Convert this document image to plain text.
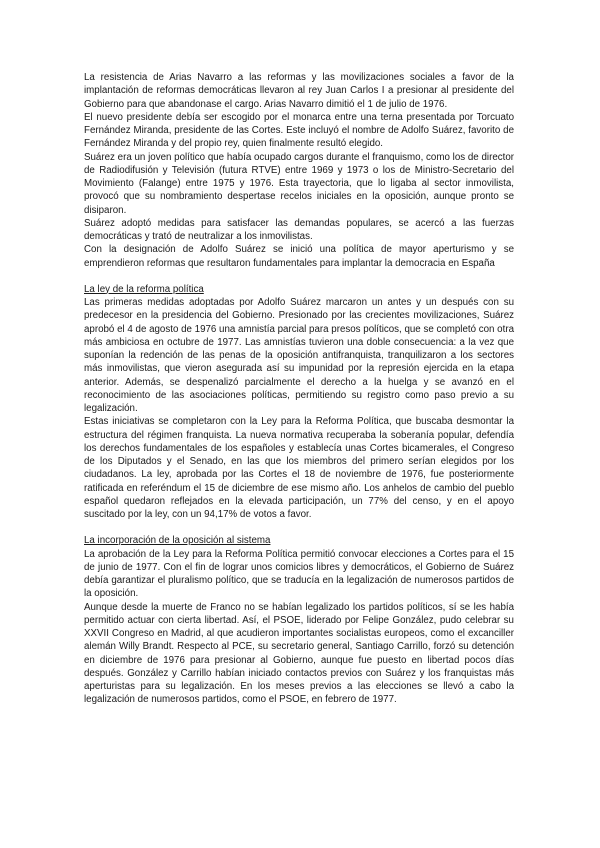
La resistencia de Arias Navarro a las reformas y las movilizaciones sociales a favor de la implantación de reformas democráticas llevaron al rey Juan Carlos I a presionar al presidente del Gobierno para que abandonase el cargo. Arias Navarro dimitió el 1 de julio de 1976.

El nuevo presidente debía ser escogido por el monarca entre una terna presentada por Torcuato Fernández Miranda, presidente de las Cortes. Este incluyó el nombre de Adolfo Suárez, favorito de Fernández Miranda y del propio rey, quien finalmente resultó elegido.

Suárez era un joven político que había ocupado cargos durante el franquismo, como los de director de Radiodifusión y Televisión (futura RTVE) entre 1969 y 1973 o los de Ministro-Secretario del Movimiento (Falange) entre 1975 y 1976. Esta trayectoria, que lo ligaba al sector inmovilista, provocó que su nombramiento despertase recelos iniciales en la oposición, aunque pronto se disiparon.

Suárez adoptó medidas para satisfacer las demandas populares, se acercó a las fuerzas democráticas y trató de neutralizar a los inmovilistas.

Con la designación de Adolfo Suárez se inició una política de mayor aperturismo y se emprendieron reformas que resultaron fundamentales para implantar la democracia en España

La ley de la reforma política

Las primeras medidas adoptadas por Adolfo Suárez marcaron un antes y un después con su predecesor en la presidencia del Gobierno. Presionado por las crecientes movilizaciones, Suárez aprobó el 4 de agosto de 1976 una amnistía parcial para presos políticos, que se completó con otra más ambiciosa en octubre de 1977. Las amnistías tuvieron una doble consecuencia: a la vez que suponían la redención de las penas de la oposición antifranquista, tranquilizaron a los sectores más inmovilistas, que vieron asegurada así su impunidad por la represión ejercida en la etapa anterior. Además, se despenalizó parcialmente el derecho a la huelga y se avanzó en el reconocimiento de las asociaciones políticas, permitiendo su registro como paso previo a su legalización.

Estas iniciativas se completaron con la Ley para la Reforma Política, que buscaba desmontar la estructura del régimen franquista. La nueva normativa recuperaba la soberanía popular, defendía los derechos fundamentales de los españoles y establecía unas Cortes bicamerales, el Congreso de los Diputados y el Senado, en las que los miembros del primero serían elegidos por los ciudadanos. La ley, aprobada por las Cortes el 18 de noviembre de 1976, fue posteriormente ratificada en referéndum el 15 de diciembre de ese mismo año. Los anhelos de cambio del pueblo español quedaron reflejados en la elevada participación, un 77% del censo, y en el apoyo suscitado por la ley, con un 94,17% de votos a favor.

La incorporación de la oposición al sistema

La aprobación de la Ley para la Reforma Política permitió convocar elecciones a Cortes para el 15 de junio de 1977. Con el fin de lograr unos comicios libres y democráticos, el Gobierno de Suárez debía garantizar el pluralismo político, que se traducía en la legalización de numerosos partidos de la oposición.

Aunque desde la muerte de Franco no se habían legalizado los partidos políticos, sí se les había permitido actuar con cierta libertad. Así, el PSOE, liderado por Felipe González, pudo celebrar su XXVII Congreso en Madrid, al que acudieron importantes socialistas europeos, como el excanciller alemán Willy Brandt. Respecto al PCE, su secretario general, Santiago Carrillo, forzó su detención en diciembre de 1976 para presionar al Gobierno, aunque fue puesto en libertad pocos días después. González y Carrillo habían iniciado contactos previos con Suárez y los franquistas más aperturistas para su legalización. En los meses previos a las elecciones se llevó a cabo la legalización de numerosos partidos, como el PSOE, en febrero de 1977.
